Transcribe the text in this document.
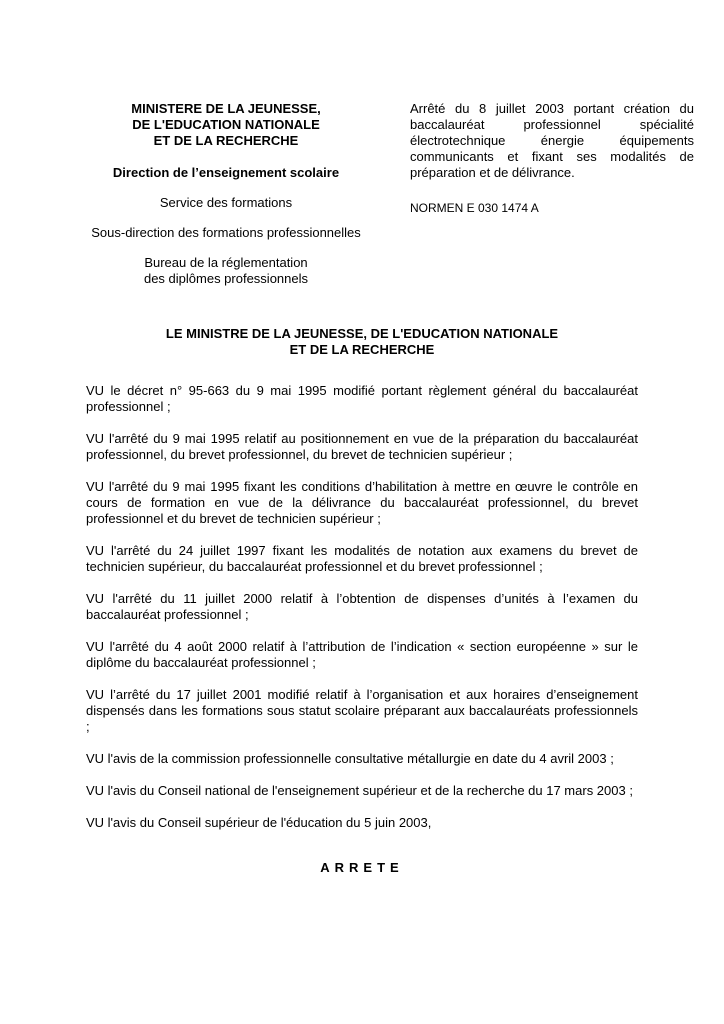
MINISTERE DE LA JEUNESSE,
DE L'EDUCATION NATIONALE
ET DE LA RECHERCHE
Direction de l’enseignement scolaire
Service des formations
Sous-direction des formations professionnelles
Bureau de la réglementation
des diplômes professionnels
Arrêté du 8 juillet 2003 portant création du baccalauréat professionnel spécialité électrotechnique énergie équipements communicants et fixant ses modalités de préparation et de délivrance.
NORMEN E 030 1474 A
LE MINISTRE DE LA JEUNESSE, DE L'EDUCATION NATIONALE
ET DE LA RECHERCHE

VU le décret n° 95-663 du 9 mai 1995 modifié portant règlement général du baccalauréat professionnel ;

VU l'arrêté du 9 mai 1995 relatif au positionnement en vue de la préparation du baccalauréat professionnel, du brevet professionnel, du brevet de technicien supérieur ;

VU l'arrêté du 9 mai 1995 fixant les conditions d’habilitation à mettre en œuvre le contrôle en cours de formation en vue de la délivrance du baccalauréat professionnel, du brevet professionnel et du brevet de technicien supérieur ;

VU l'arrêté du 24 juillet 1997 fixant les modalités de notation aux examens du brevet de technicien supérieur, du baccalauréat professionnel et du brevet professionnel ;

VU l'arrêté du 11 juillet 2000 relatif à l’obtention de dispenses d’unités à l’examen du baccalauréat professionnel ;

VU l'arrêté du 4 août 2000 relatif à l’attribution de l’indication « section européenne » sur le diplôme du baccalauréat professionnel ;

VU l’arrêté du 17 juillet 2001 modifié relatif à l’organisation et aux horaires d’enseignement dispensés dans les formations sous statut scolaire préparant aux baccalauréats professionnels ;

VU l'avis de la commission professionnelle consultative métallurgie en date du 4 avril 2003 ;

VU l'avis du Conseil national de l'enseignement supérieur et de la recherche du 17 mars 2003 ;

VU l'avis du Conseil supérieur de l'éducation du 5 juin 2003,

ARRETE
